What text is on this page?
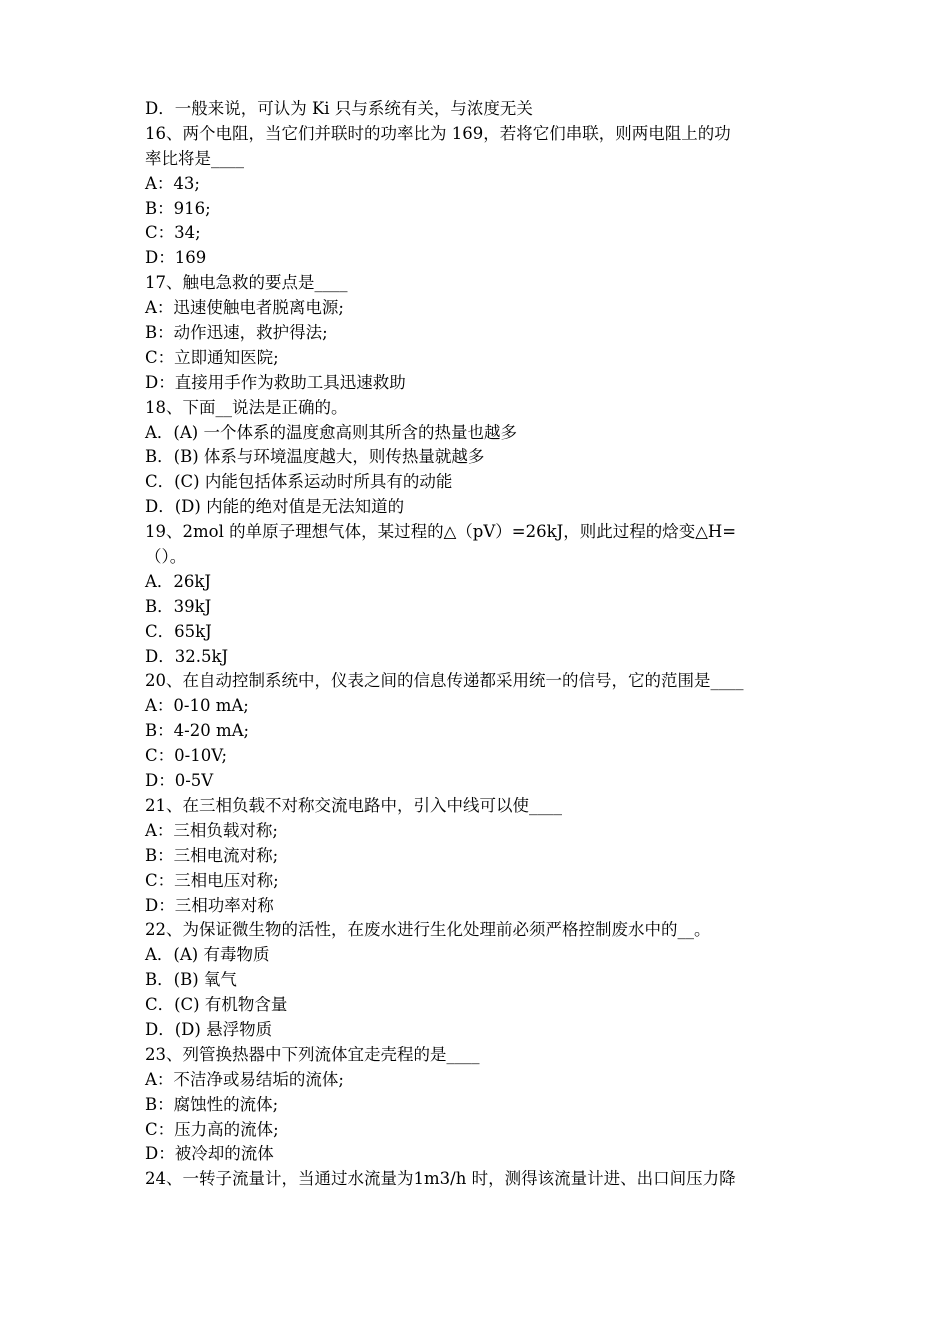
D．一般来说，可认为 Ki 只与系统有关，与浓度无关
16、两个电阻，当它们并联时的功率比为 169，若将它们串联，则两电阻上的功
率比将是____
A：43;
B：916;
C：34;
D：169
17、触电急救的要点是____
A：迅速使触电者脱离电源;
B：动作迅速，救护得法;
C：立即通知医院;
D：直接用手作为救助工具迅速救助
18、下面__说法是正确的。
A．(A) 一个体系的温度愈高则其所含的热量也越多
B．(B) 体系与环境温度越大，则传热量就越多
C．(C) 内能包括体系运动时所具有的动能
D．(D) 内能的绝对值是无法知道的
19、2mol 的单原子理想气体，某过程的△（pV）=26kJ，则此过程的焓变△H=
（）。
A．26kJ
B．39kJ
C．65kJ
D．32.5kJ
20、在自动控制系统中，仪表之间的信息传递都采用统一的信号，它的范围是____
A：0-10 mA;
B：4-20 mA;
C：0-10V;
D：0-5V
21、在三相负载不对称交流电路中，引入中线可以使____
A：三相负载对称;
B：三相电流对称;
C：三相电压对称;
D：三相功率对称
22、为保证微生物的活性，在废水进行生化处理前必须严格控制废水中的__。
A．(A) 有毒物质
B．(B) 氧气
C．(C) 有机物含量
D．(D) 悬浮物质
23、列管换热器中下列流体宜走壳程的是____
A：不洁净或易结垢的流体;
B：腐蚀性的流体;
C：压力高的流体;
D：被冷却的流体
24、一转子流量计，当通过水流量为1m3/h 时，测得该流量计进、出口间压力降
